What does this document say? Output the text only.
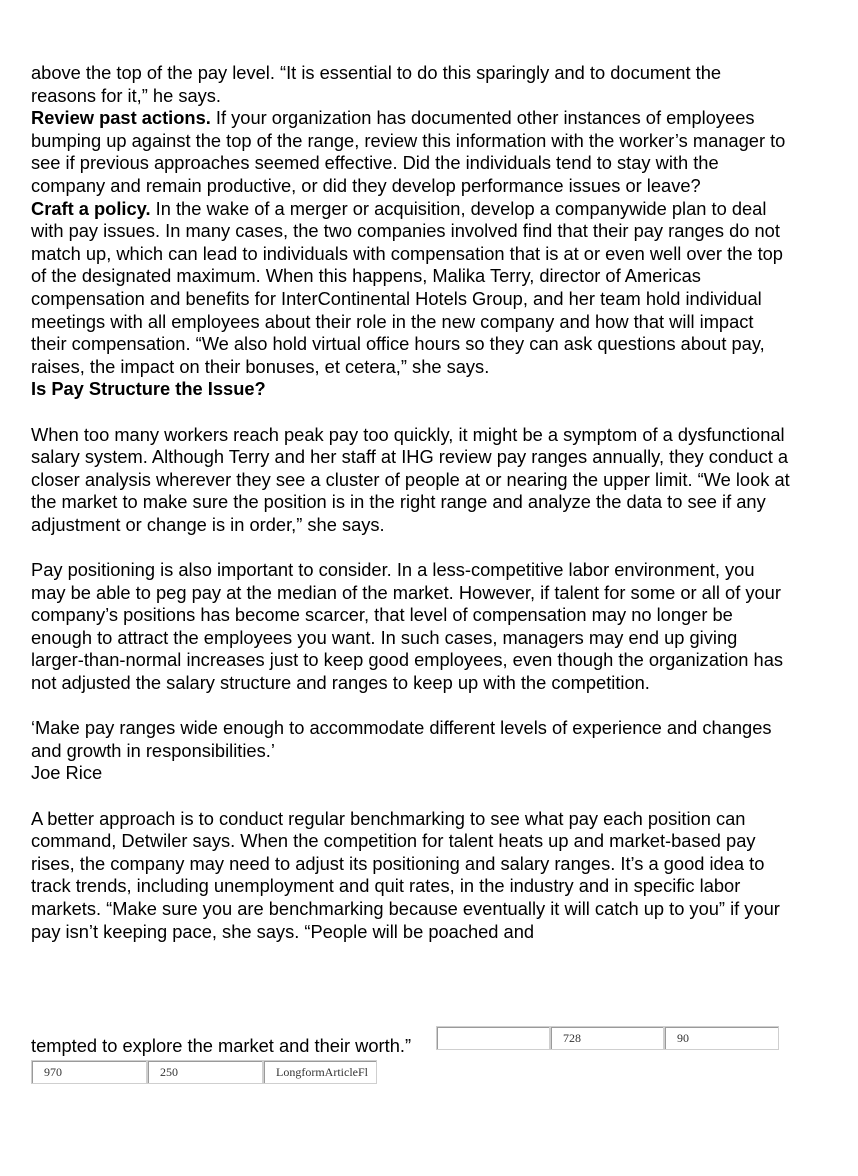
above the top of the pay level. “It is essential to do this sparingly and to document the reasons for it,” he says.

Review past actions. If your organization has documented other instances of employees bumping up against the top of the range, review this information with the worker’s manager to see if previous approaches seemed effective. Did the individuals tend to stay with the company and remain productive, or did they develop performance issues or leave?

Craft a policy. In the wake of a merger or acquisition, develop a companywide plan to deal with pay issues. In many cases, the two companies involved find that their pay ranges do not match up, which can lead to individuals with compensation that is at or even well over the top of the designated maximum. When this happens, Malika Terry, director of Americas compensation and benefits for InterContinental Hotels Group, and her team hold individual meetings with all employees about their role in the new company and how that will impact their compensation. “We also hold virtual office hours so they can ask questions about pay, raises, the impact on their bonuses, et cetera,” she says.

Is Pay Structure the Issue?

When too many workers reach peak pay too quickly, it might be a symptom of a dysfunctional salary system. Although Terry and her staff at IHG review pay ranges annually, they conduct a closer analysis wherever they see a cluster of people at or nearing the upper limit. “We look at the market to make sure the position is in the right range and analyze the data to see if any adjustment or change is in order,” she says.

Pay positioning is also important to consider. In a less-competitive labor environment, you may be able to peg pay at the median of the market. However, if talent for some or all of your company’s positions has become scarcer, that level of compensation may no longer be enough to attract the employees you want. In such cases, managers may end up giving larger-than-normal increases just to keep good employees, even though the organization has not adjusted the salary structure and ranges to keep up with the competition.

‘Make pay ranges wide enough to accommodate different levels of experience and changes and growth in responsibilities.’

Joe Rice

A better approach is to conduct regular benchmarking to see what pay each position can command, Detwiler says. When the competition for talent heats up and market-based pay rises, the company may need to adjust its positioning and salary ranges. It’s a good idea to track trends, including unemployment and quit rates, in the industry and in specific labor markets. “Make sure you are benchmarking because eventually it will catch up to you” if your pay isn’t keeping pace, she says. “People will be poached and

tempted to explore the market and their worth.”	728	90
970	250	LongformArticleFl
